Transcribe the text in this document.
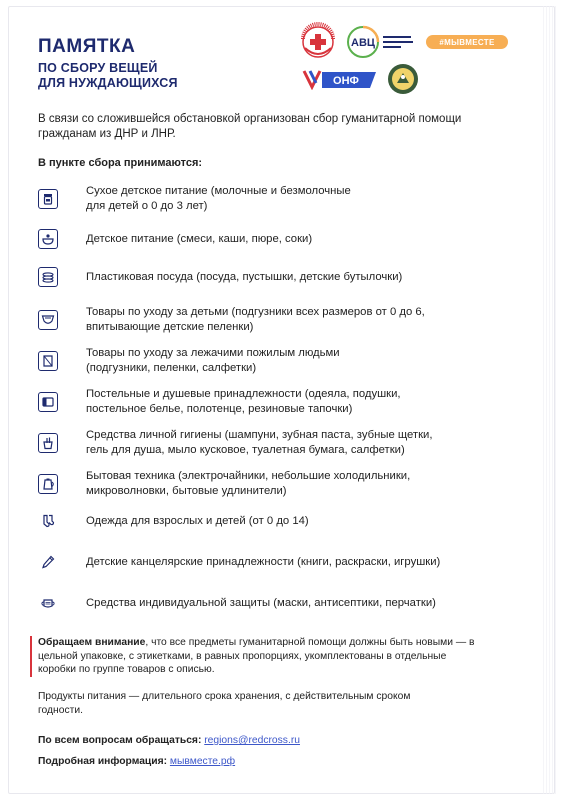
ПАМЯТКА
ПО СБОРУ ВЕЩЕЙ
ДЛЯ НУЖДАЮЩИХСЯ
АВЦ	#МЫВМЕСТЕ
ОНФ
В связи со сложившейся обстановкой организован сбор гуманитарной помощи гражданам из ДНР и ЛНР.
В пункте сбора принимаются:
Сухое детское питание (молочные и безмолочные
для детей о 0 до 3 лет)
Детское питание (смеси, каши, пюре, соки)
Пластиковая посуда (посуда, пустышки, детские бутылочки)
Товары по уходу за детьми (подгузники всех размеров от 0 до 6,
впитывающие детские пеленки)
Товары по уходу за лежачими пожилым людьми
(подгузники, пеленки, салфетки)
Постельные и душевые принадлежности (одеяла, подушки,
постельное белье, полотенце, резиновые тапочки)
Средства личной гигиены (шампуни, зубная паста, зубные щетки,
гель для душа, мыло кусковое, туалетная бумага, салфетки)
Бытовая техника (электрочайники, небольшие холодильники,
микроволновки, бытовые удлинители)
Одежда для взрослых и детей (от 0 до 14)
Детские канцелярские принадлежности (книги, раскраски, игрушки)
Средства индивидуальной защиты (маски, антисептики, перчатки)
Обращаем внимание, что все предметы гуманитарной помощи должны быть новыми — в цельной упаковке, с этикетками, в равных пропорциях, укомплектованы в отдельные коробки по группе товаров с описью.
Продукты питания — длительного срока хранения, с действительным сроком годности.
По всем вопросам обращаться: regions@redcross.ru
Подробная информация: мывместе.рф
